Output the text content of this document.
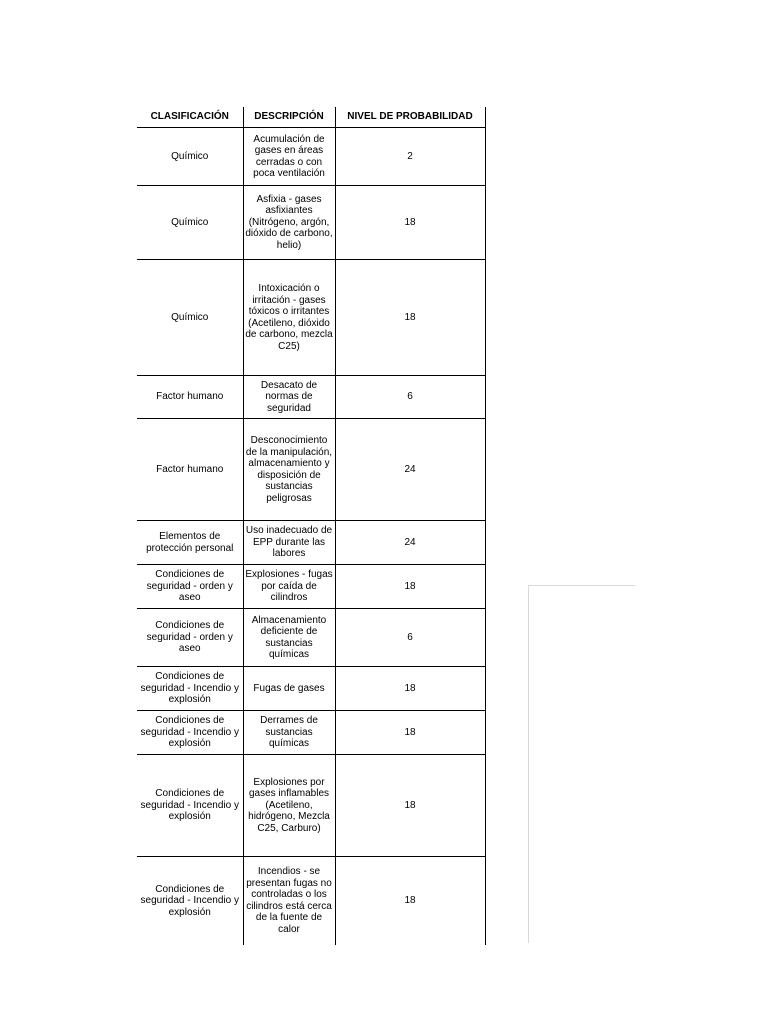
CLASIFICACIÓN	DESCRIPCIÓN	NIVEL DE PROBABILIDAD

Químico	Acumulación de gases en áreas cerradas o con poca ventilación	2

Químico	Asfixia - gases asfixiantes (Nitrógeno, argón, dióxido de carbono, helio)	18

Químico	Intoxicación o irritación - gases tóxicos o irritantes (Acetileno, dióxido de carbono, mezcla C25)	18

Factor humano	Desacato de normas de seguridad	6

Factor humano	Desconocimiento de la manipulación, almacenamiento y disposición de sustancias peligrosas	24

Elementos de protección personal	Uso inadecuado de EPP durante las labores	24

Condiciones de seguridad - orden y aseo	Explosiones - fugas por caída de cilindros	18

Condiciones de seguridad - orden y aseo	Almacenamiento deficiente de sustancias químicas	6

Condiciones de seguridad - Incendio y explosión	Fugas de gases	18

Condiciones de seguridad - Incendio y explosión	Derrames de sustancias químicas	18

Condiciones de seguridad - Incendio y explosión	Explosiones por gases inflamables (Acetileno, hidrógeno, Mezcla C25, Carburo)	18

Condiciones de seguridad - Incendio y explosión	Incendios - se presentan fugas no controladas o los cilindros está cerca de la fuente de calor	18
